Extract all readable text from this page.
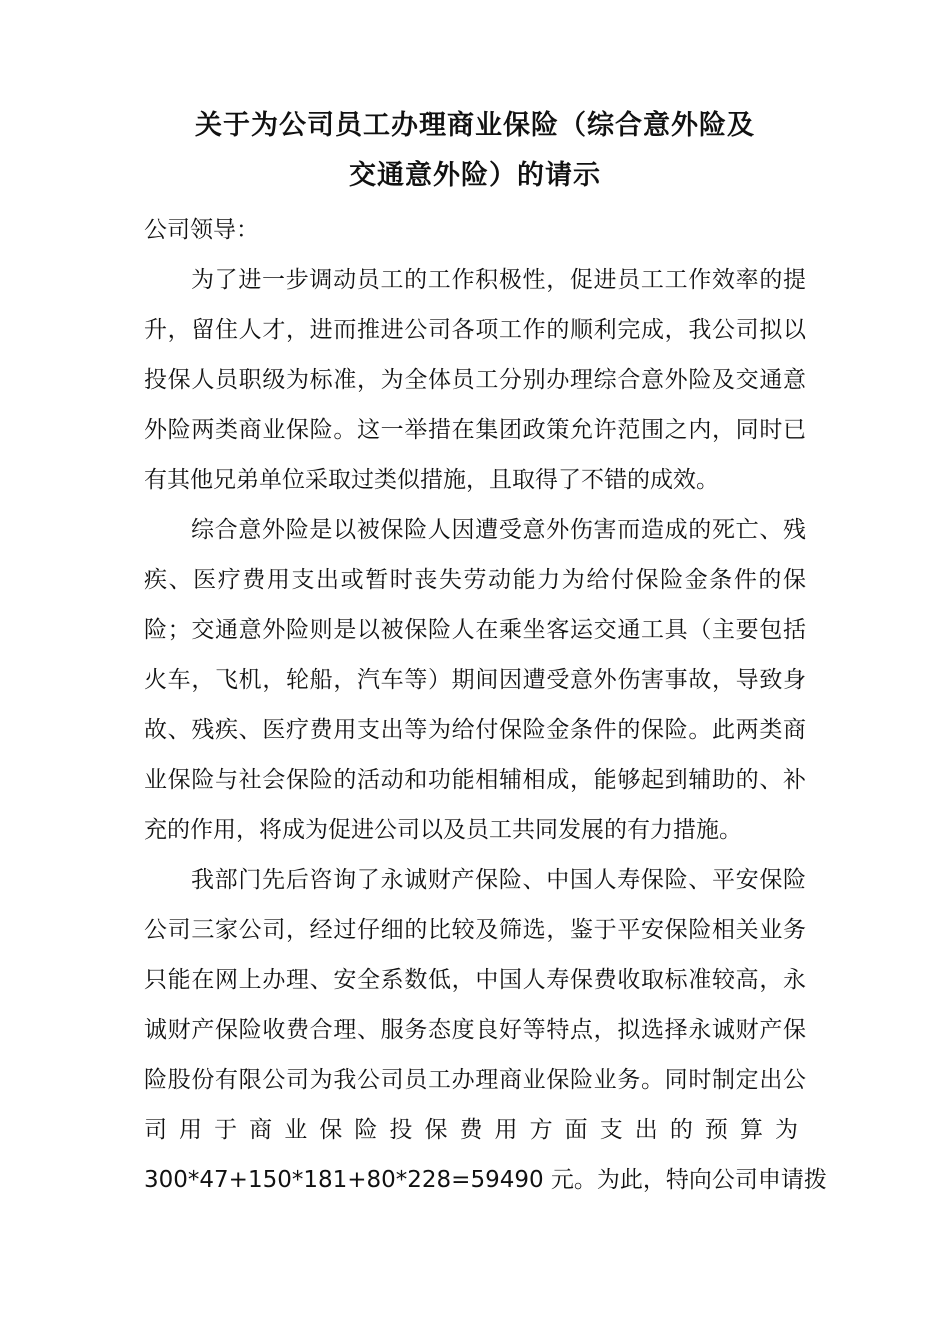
关于为公司员工办理商业保险（综合意外险及
交通意外险）的请示
公司领导：
为了进一步调动员工的工作积极性，促进员工工作效率的提
升，留住人才，进而推进公司各项工作的顺利完成，我公司拟以
投保人员职级为标准，为全体员工分别办理综合意外险及交通意
外险两类商业保险。这一举措在集团政策允许范围之内，同时已
有其他兄弟单位采取过类似措施，且取得了不错的成效。
综合意外险是以被保险人因遭受意外伤害而造成的死亡、残
疾、医疗费用支出或暂时丧失劳动能力为给付保险金条件的保
险；交通意外险则是以被保险人在乘坐客运交通工具（主要包括
火车，飞机，轮船，汽车等）期间因遭受意外伤害事故，导致身
故、残疾、医疗费用支出等为给付保险金条件的保险。此两类商
业保险与社会保险的活动和功能相辅相成，能够起到辅助的、补
充的作用，将成为促进公司以及员工共同发展的有力措施。
我部门先后咨询了永诚财产保险、中国人寿保险、平安保险
公司三家公司，经过仔细的比较及筛选，鉴于平安保险相关业务
只能在网上办理、安全系数低，中国人寿保费收取标准较高，永
诚财产保险收费合理、服务态度良好等特点，拟选择永诚财产保
险股份有限公司为我公司员工办理商业保险业务。同时制定出公
司用于商业保险投保费用方面支出的预算为
300*47+150*181+80*228=59490 元。为此，特向公司申请拨
